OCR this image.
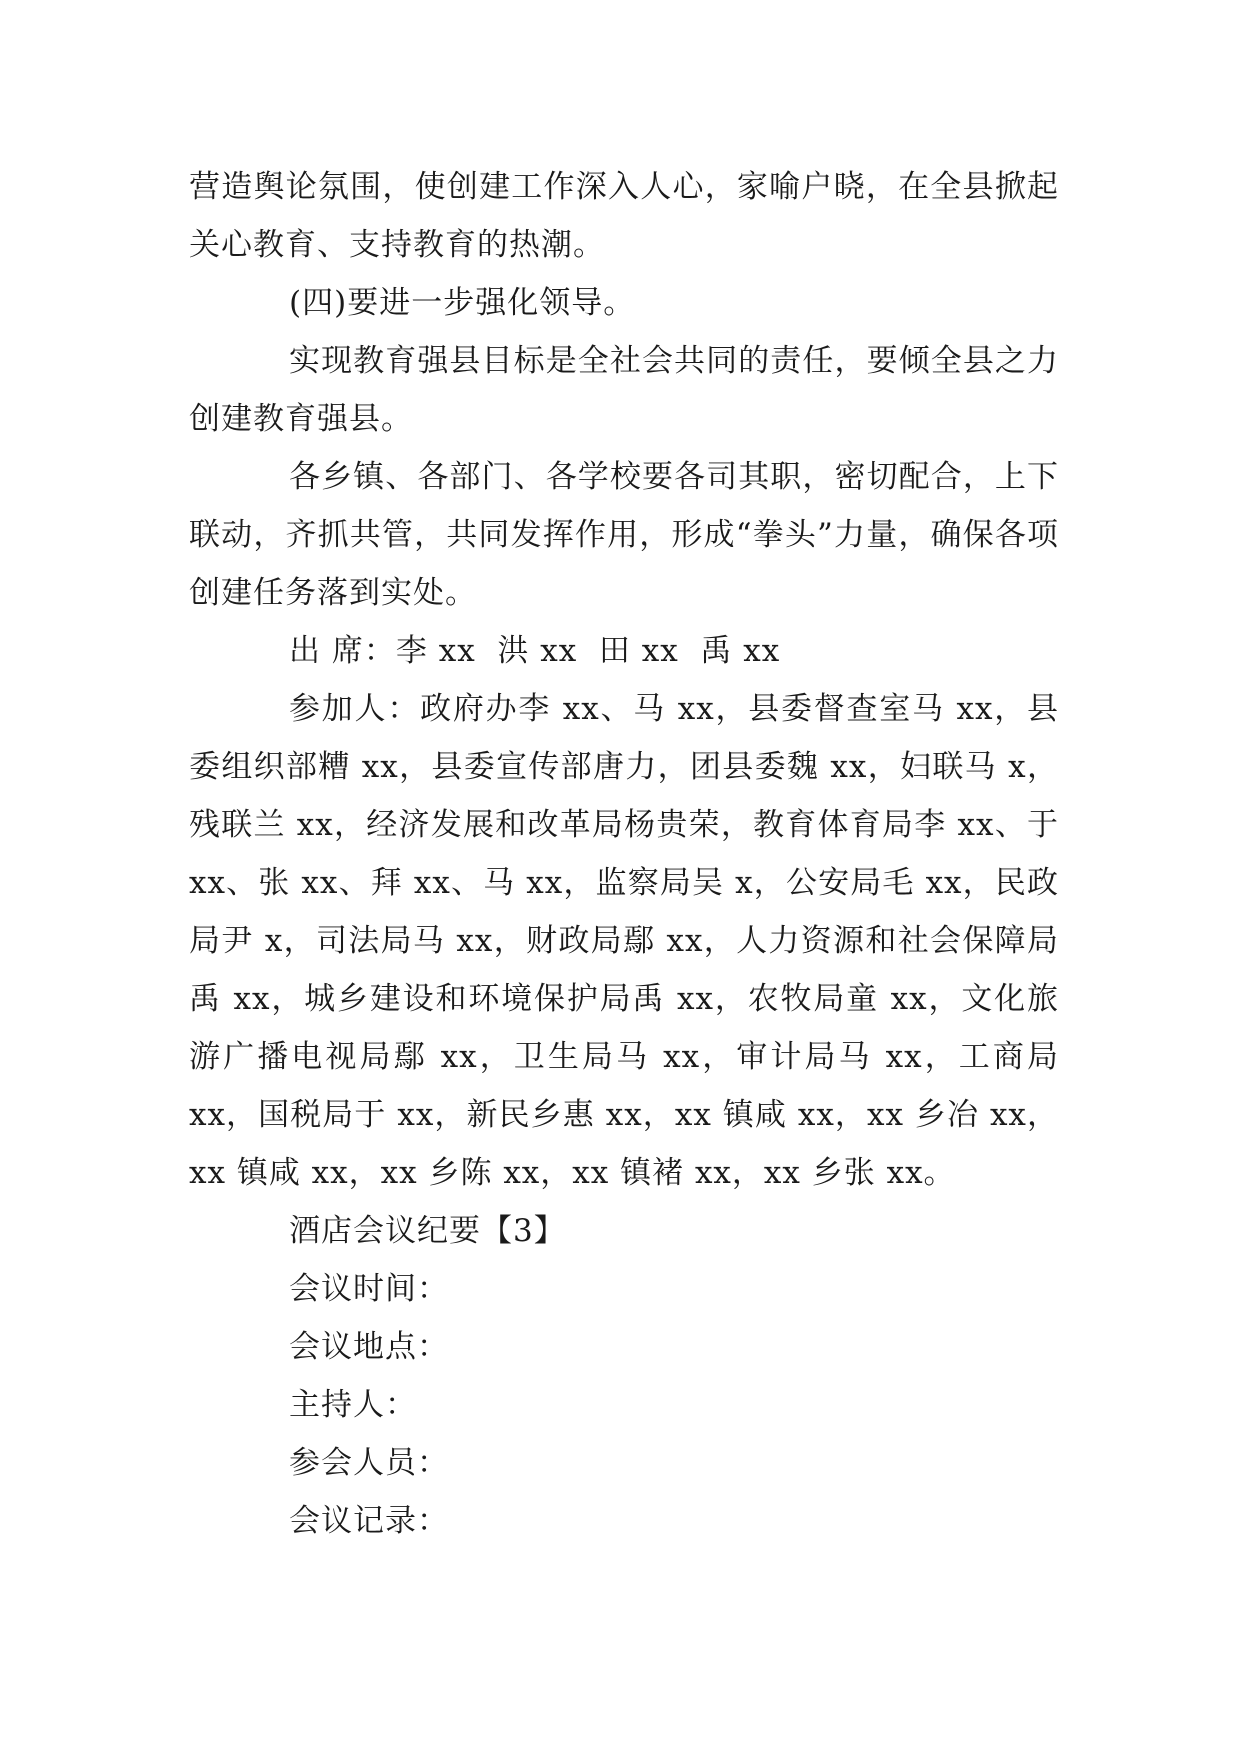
营造舆论氛围，使创建工作深入人心，家喻户晓，在全县掀起关心教育、支持教育的热潮。

(四)要进一步强化领导。

实现教育强县目标是全社会共同的责任，要倾全县之力创建教育强县。

各乡镇、各部门、各学校要各司其职，密切配合，上下联动，齐抓共管，共同发挥作用，形成“拳头”力量，确保各项创建任务落到实处。

出 席：李 xx  洪 xx  田 xx  禹 xx

参加人：政府办李 xx、马 xx，县委督查室马 xx，县委组织部糟 xx，县委宣传部唐力，团县委魏 xx，妇联马 x，残联兰 xx，经济发展和改革局杨贵荣，教育体育局李 xx、于 xx、张 xx、拜 xx、马 xx，监察局吴 x，公安局毛 xx，民政局尹 x，司法局马 xx，财政局鄢 xx，人力资源和社会保障局禹 xx，城乡建设和环境保护局禹 xx，农牧局童 xx，文化旅游广播电视局鄢 xx，卫生局马 xx，审计局马 xx，工商局 xx，国税局于 xx，新民乡惠 xx，xx 镇咸 xx，xx 乡冶 xx，xx 镇咸 xx，xx 乡陈 xx，xx 镇褚 xx，xx 乡张 xx。

酒店会议纪要【3】

会议时间：

会议地点：

主持人：

参会人员：

会议记录：
